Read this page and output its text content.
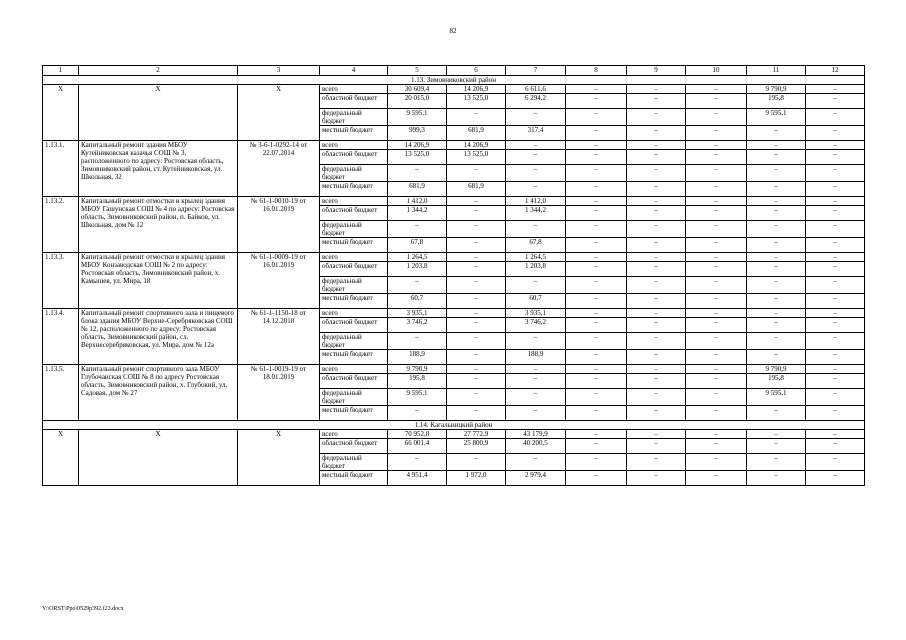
82
1	2	3	4	5	6	7	8	9	10	11	12
1.13. Зимовниковский район											
Х	Х	Х	всего	30 609,4	14 206,9	6 611,6	–	–	–	9 790,9	–
			областной бюджет	20 015,0	13 525,0	6 294,2	–	–	–	195,8	–
			федеральный бюджет	9 595,1	–	–	–	–	–	9 595,1	–
			местный бюджет	999,3	681,9	317,4	–	–	–	–	–
1.13.1.	Капитальный ремонт здания МБОУ Кутейниковская казачья СОШ № 3, расположенного по адресу: Ростовская область, Зимовниковский район, ст. Кутейниковская, ул. Школьная, 32	№ 3-6-1-0292-14 от 22.07.2014	всего	14 206,9	14 206,9	–	–	–	–	–	–
			областной бюджет	13 525,0	13 525,0	–	–	–	–	–	–
			федеральный бюджет	–	–	–	–	–	–	–	–
			местный бюджет	681,9	681,9	–	–	–	–	–	–
1.13.2.	Капитальный ремонт отмостки и крылец здания МБОУ Гашунская СОШ № 4 по адресу: Ростовская область, Зимовниковский район, п. Байков, ул. Школьная, дом № 12	№ 61-1-0010-19 от 16.01.2019	всего	1 412,0	–	1 412,0	–	–	–	–	–
			областной бюджет	1 344,2	–	1 344,2	–	–	–	–	–
			федеральный бюджет	–	–	–	–	–	–	–	–
			местный бюджет	67,8	–	67,8	–	–	–	–	–
1.13.3.	Капитальный ремонт отмостки и крылец здания МБОУ Конзаводская СОШ № 2 по адресу: Ростовская область, Зимовниковский район, х. Камышев, ул. Мира, 18	№ 61-1-0009-19 от 16.01.2019	всего	1 264,5	–	1 264,5	–	–	–	–	–
			областной бюджет	1 203,8	–	1 203,8	–	–	–	–	–
			федеральный бюджет	–	–	–	–	–	–	–	–
			местный бюджет	60,7	–	60,7	–	–	–	–	–
1.13.4.	Капитальный ремонт спортивного зала и пищевого блока здания МБОУ Верхне-Серебряковская СОШ № 12, расположенного по адресу: Ростовская область, Зимовниковский район, сл. Верхнесеребряковская, ул. Мира, дом № 12а	№ 61-1-1150-18 от 14.12.2018	всего	3 935,1	–	3 935,1	–	–	–	–	–
			областной бюджет	3 746,2	–	3 746,2	–	–	–	–	–
			федеральный бюджет	–	–	–	–	–	–	–	–
			местный бюджет	188,9	–	188,9	–	–	–	–	–
1.13.5.	Капитальный ремонт спортивного зала МБОУ Глубочанская СОШ № 8 по адресу Ростовская область, Зимовниковский район, х. Глубокий, ул. Садовая, дом № 27	№ 61-1-0019-19 от 18.01.2019	всего	9 790,9	–	–	–	–	–	9 790,9	–
			областной бюджет	195,8	–	–	–	–	–	195,8	–
			федеральный бюджет	9 595,1	–	–	–	–	–	9 595,1	–
			местный бюджет	–	–	–	–	–	–	–	–
1.14. Кагальницкий район											
Х	Х	Х	всего	70 952,8	27 772,9	43 179,9	–	–	–	–	–
			областной бюджет	66 001,4	25 800,9	40 200,5	–	–	–	–	–
			федеральный бюджет	–	–	–	–	–	–	–	–
			местный бюджет	4 951,4	1 972,0	2 979,4	–	–	–	–	–
Y:\ORST\Ppo\0529p392.f23.docx
